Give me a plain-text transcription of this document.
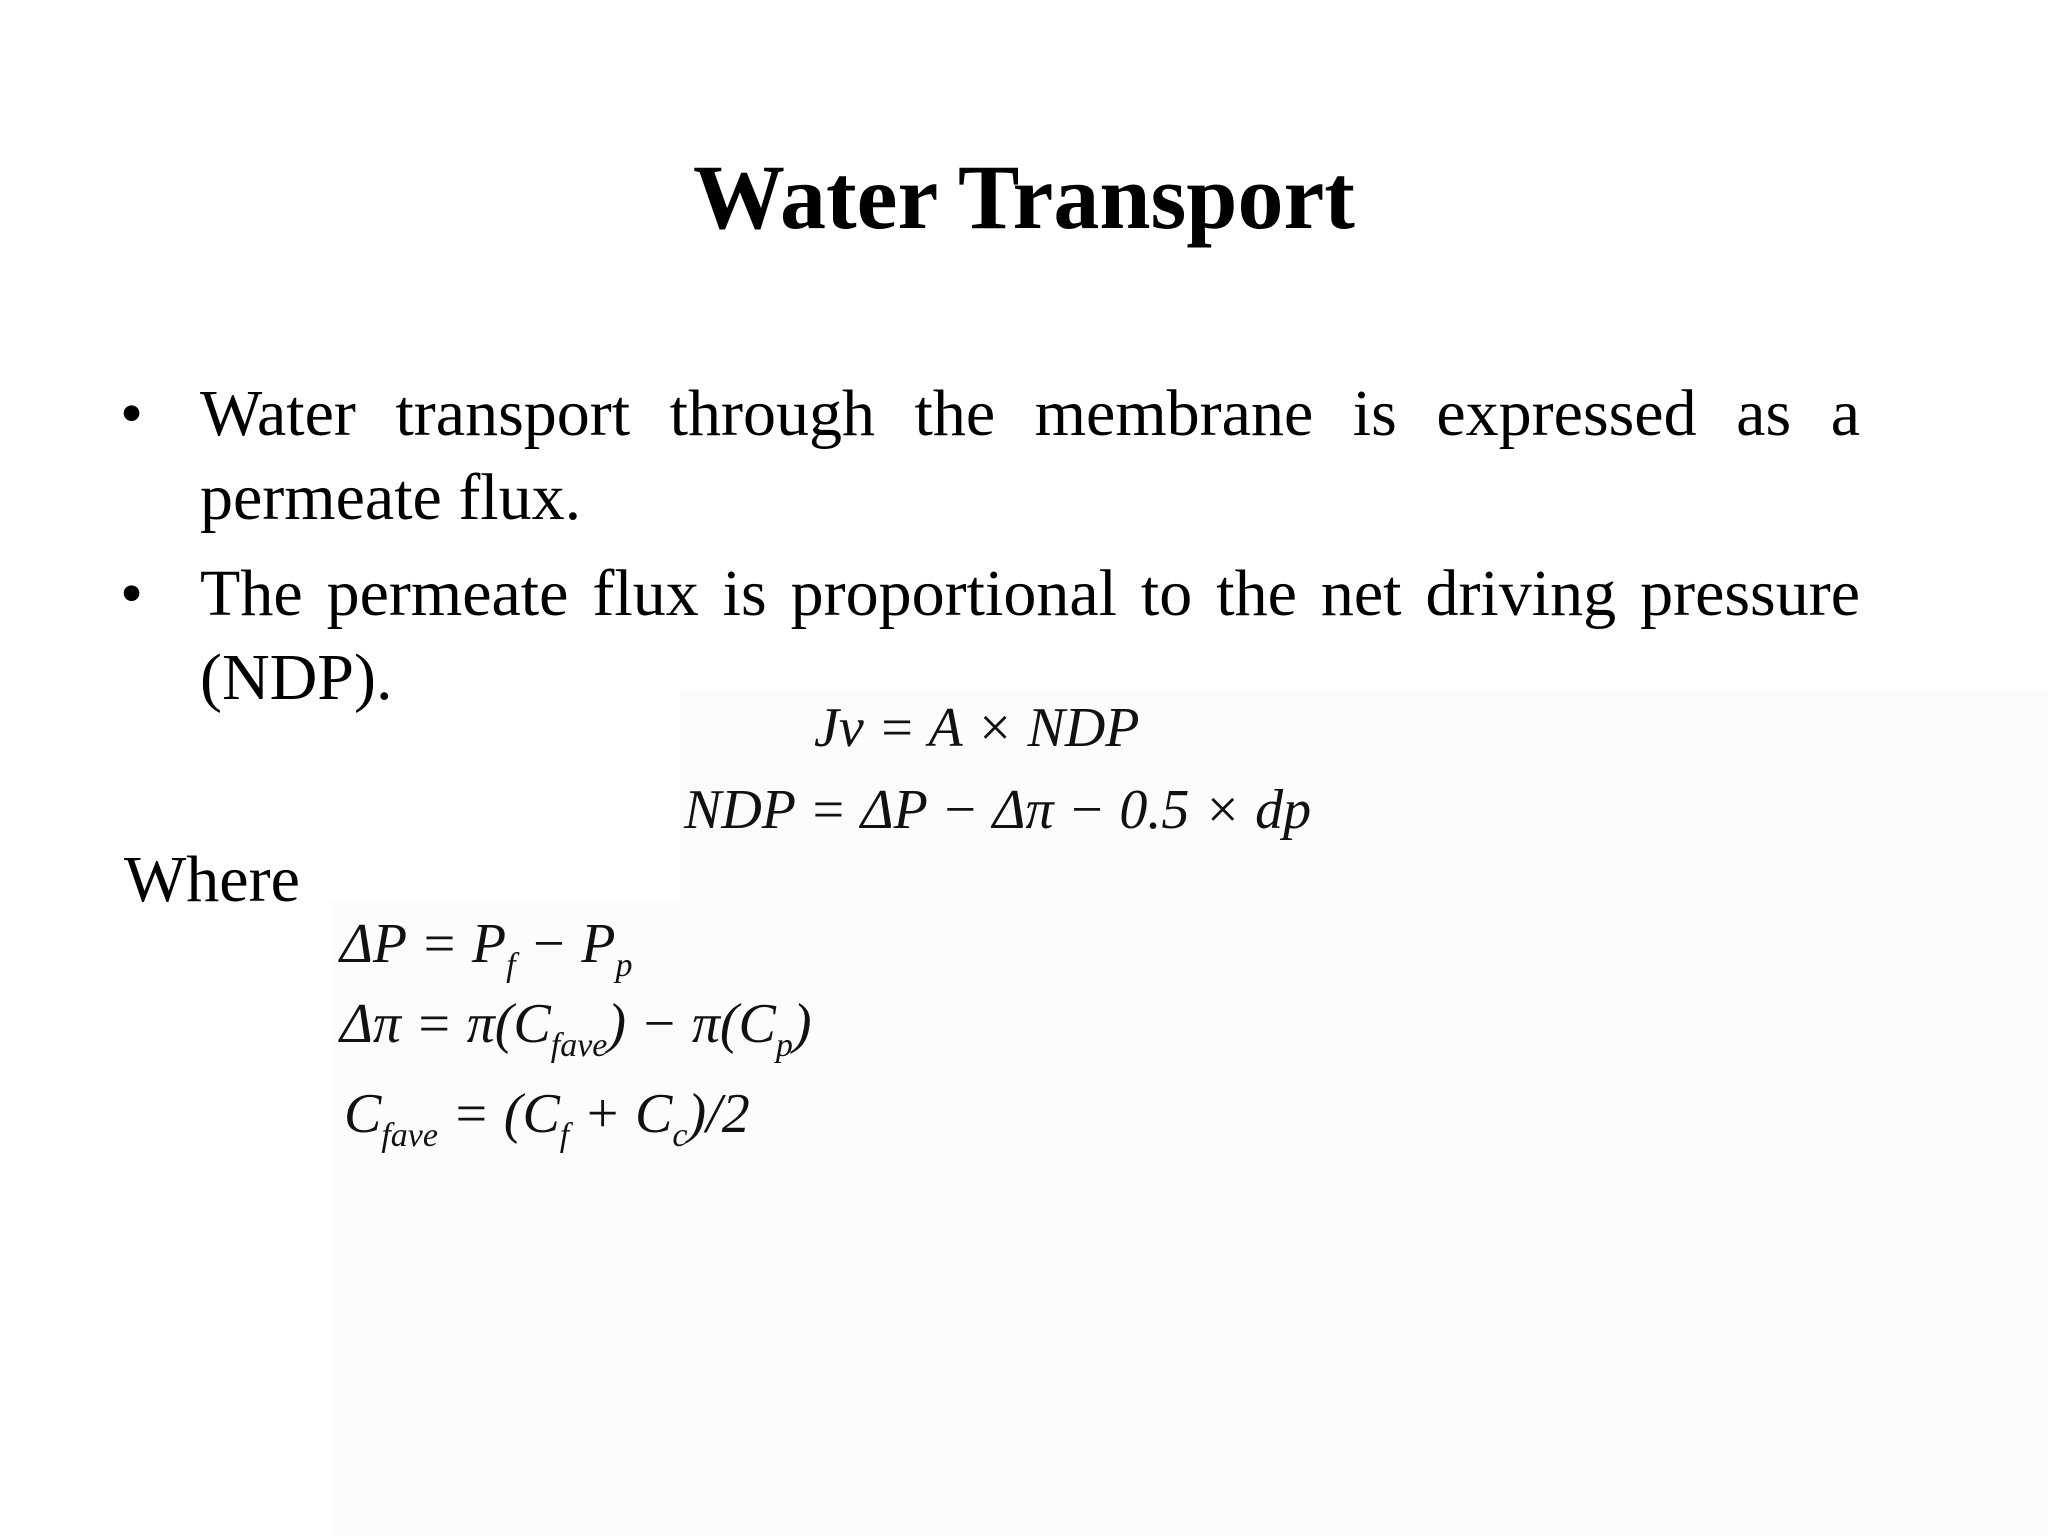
Water Transport
• Water transport through the membrane is expressed as a permeate flux.
• The permeate flux is proportional to the net driving pressure (NDP).
Jv = A × NDP
NDP = ΔP − Δπ − 0.5 × dp
Where
$\Delta P = P_f - P_p$
$\Delta\pi = \pi(C_{fave}) - \pi(C_p)$
$C_{fave} = (C_f + C_c)/2$
